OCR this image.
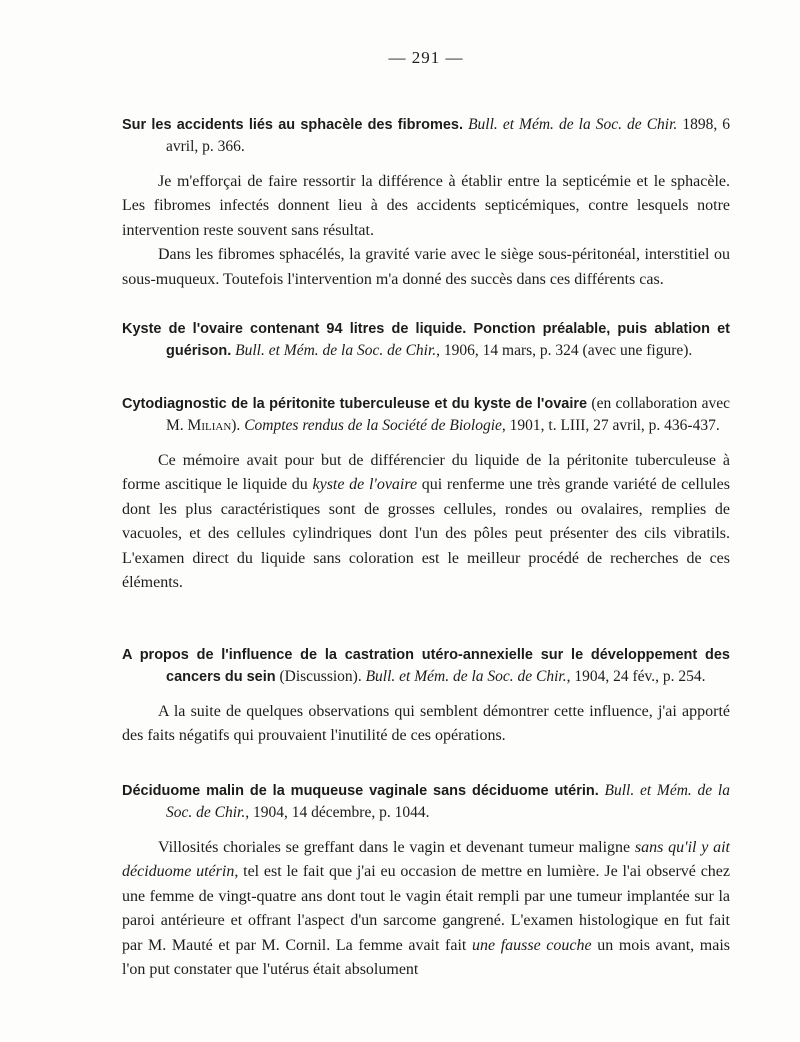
— 291 —

Sur les accidents liés au sphacèle des fibromes. Bull. et Mém. de la Soc. de Chir. 1898, 6 avril, p. 366.

Je m'efforçai de faire ressortir la différence à établir entre la septicémie et le sphacèle. Les fibromes infectés donnent lieu à des accidents septicémiques, contre lesquels notre intervention reste souvent sans résultat.

Dans les fibromes sphacélés, la gravité varie avec le siège sous-péritonéal, interstitiel ou sous-muqueux. Toutefois l'intervention m'a donné des succès dans ces différents cas.

Kyste de l'ovaire contenant 94 litres de liquide. Ponction préalable, puis ablation et guérison. Bull. et Mém. de la Soc. de Chir., 1906, 14 mars, p. 324 (avec une figure).

Cytodiagnostic de la péritonite tuberculeuse et du kyste de l'ovaire (en collaboration avec M. Milian). Comptes rendus de la Société de Biologie, 1901, t. LIII, 27 avril, p. 436-437.

Ce mémoire avait pour but de différencier du liquide de la péritonite tuberculeuse à forme ascitique le liquide du kyste de l'ovaire qui renferme une très grande variété de cellules dont les plus caractéristiques sont de grosses cellules, rondes ou ovalaires, remplies de vacuoles, et des cellules cylindriques dont l'un des pôles peut présenter des cils vibratils. L'examen direct du liquide sans coloration est le meilleur procédé de recherches de ces éléments.

A propos de l'influence de la castration utéro-annexielle sur le développement des cancers du sein (Discussion). Bull. et Mém. de la Soc. de Chir., 1904, 24 fév., p. 254.

A la suite de quelques observations qui semblent démontrer cette influence, j'ai apporté des faits négatifs qui prouvaient l'inutilité de ces opérations.

Déciduome malin de la muqueuse vaginale sans déciduome utérin. Bull. et Mém. de la Soc. de Chir., 1904, 14 décembre, p. 1044.

Villosités choriales se greffant dans le vagin et devenant tumeur maligne sans qu'il y ait déciduome utérin, tel est le fait que j'ai eu occasion de mettre en lumière. Je l'ai observé chez une femme de vingt-quatre ans dont tout le vagin était rempli par une tumeur implantée sur la paroi antérieure et offrant l'aspect d'un sarcome gangrené. L'examen histologique en fut fait par M. Mauté et par M. Cornil. La femme avait fait une fausse couche un mois avant, mais l'on put constater que l'utérus était absolument
